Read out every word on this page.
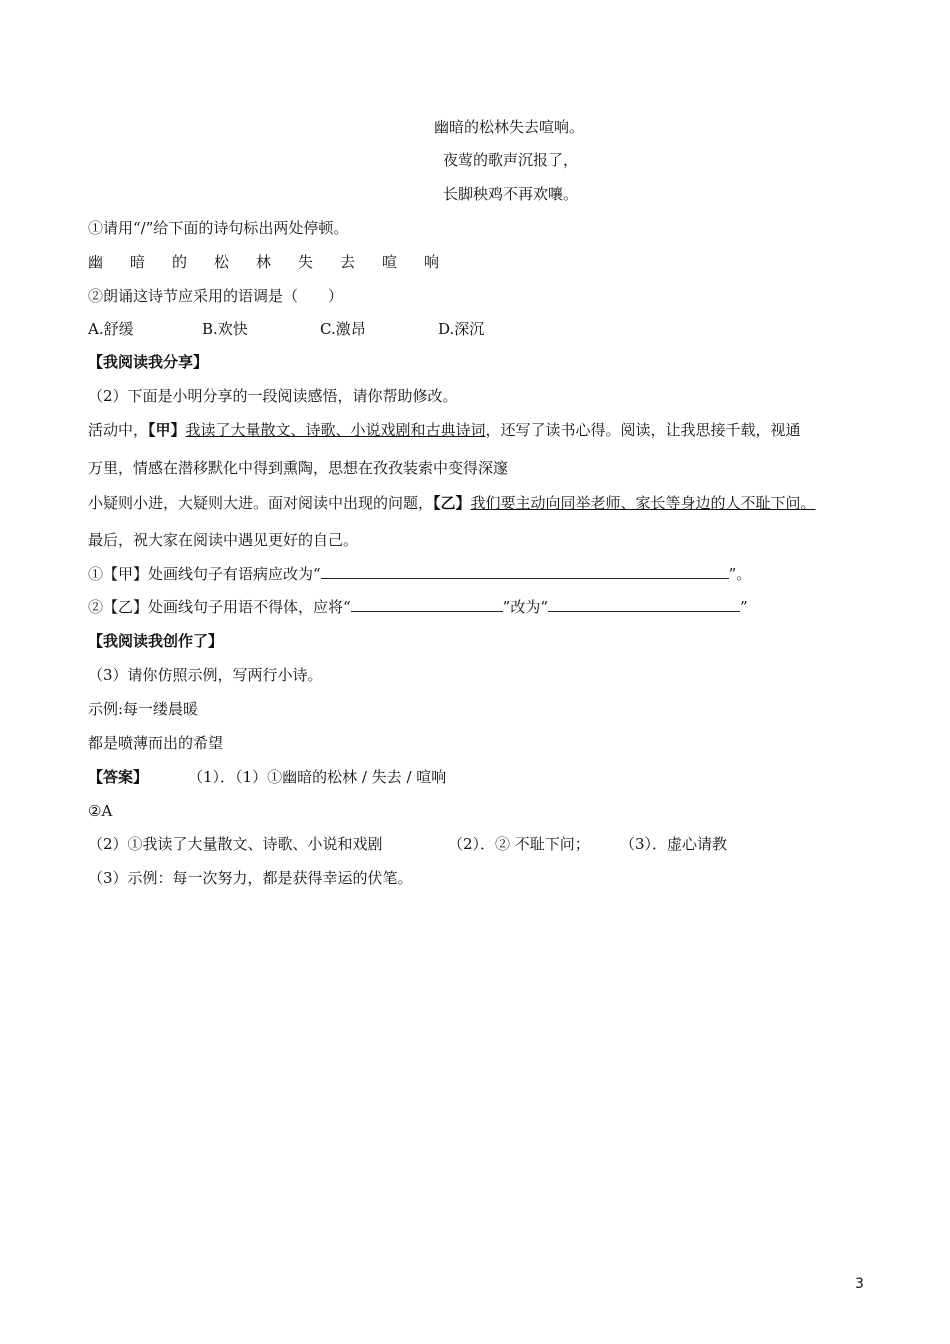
幽暗的松林失去喧响。
夜莺的歌声沉报了，
长脚秧鸡不再欢嚷。
①请用“/”给下面的诗句标出两处停顿。
幽 暗 的 松 林 失 去 喧 响
②朗诵这诗节应采用的语调是（　　）
A.舒缓	B.欢快	C.激昂	D.深沉
【我阅读我分享】
（2）下面是小明分享的一段阅读感悟，请你帮助修改。
活动中，【甲】我读了大量散文、诗歌、小说戏剧和古典诗词，还写了读书心得。阅读，让我思接千载，视通
万里，情感在潜移默化中得到熏陶，思想在孜孜装索中变得深邃
小疑则小进，大疑则大进。面对阅读中出现的问题，【乙】我们要主动向同举老师、家长等身边的人不耻下问。
最后，祝大家在阅读中遇见更好的自己。
①【甲】处画线句子有语病应改为“	”。
②【乙】处画线句子用语不得体，应将“	”改为“	”
【我阅读我创作了】
（3）请你仿照示例，写两行小诗。
示例:每一缕晨暖
都是喷薄而出的希望
【答案】	（1）．（1）①幽暗的松林 / 失去 / 喧响
②A
（2）①我读了大量散文、诗歌、小说和戏剧	（2）．② 不耻下问； （3）．虚心请教
（3）示例：每一次努力，都是获得幸运的伏笔。
3
